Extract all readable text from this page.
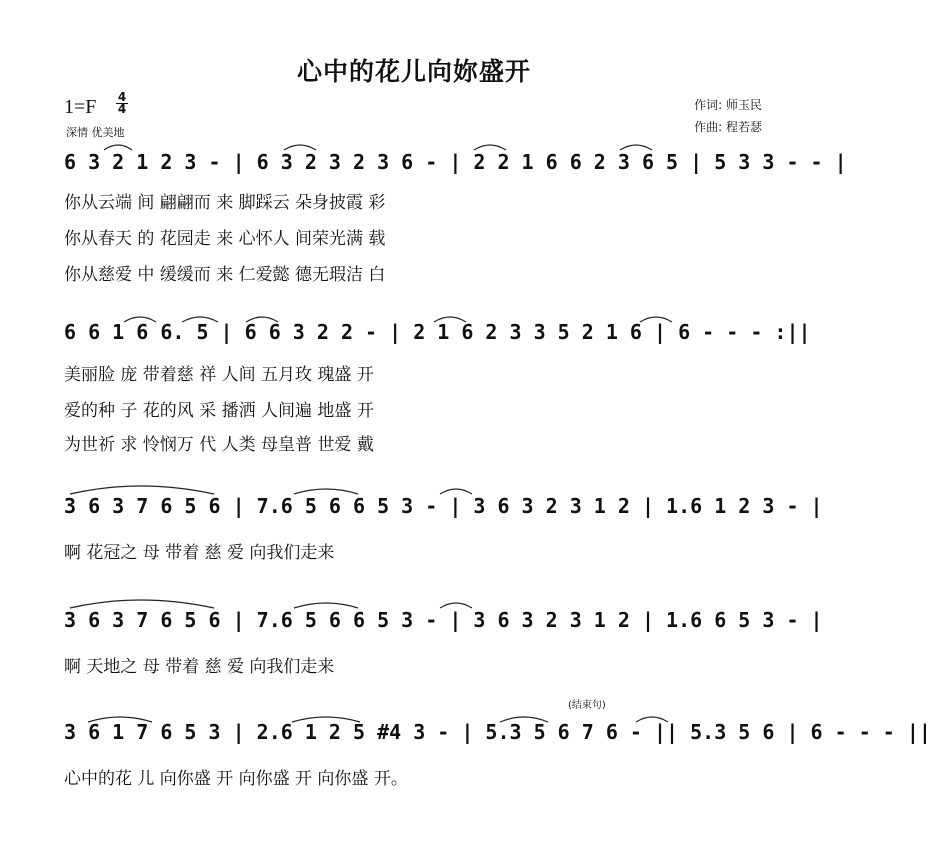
心中的花儿向妳盛开
$1=F \frac{4}{4}$
深情 优美地
作词: 师玉民
作曲: 程若瑟
6 3 2 1 2 3 - | 6 3 2 3 2 3 6 - | 2 2 1 6 6 2 3 6 5 | 5 3 3 - - |
你从云端 间 翩翩而 来 脚踩云 朵身披霞 彩
你从春天 的 花园走 来 心怀人 间荣光满 载
你从慈爱 中 缓缓而 来 仁爱懿 德无瑕洁 白
6 6 1 6 6. 5 | 6 6 3 2 2 - | 2 1 6 2 3 3 5 2 1 6 | 6 - - - :||
美丽脸 庞 带着慈 祥 人间 五月玫 瑰盛 开
爱的种 子 花的风 采 播洒 人间遍 地盛 开
为世祈 求 怜悯万 代 人类 母皇普 世爱 戴
3 6 3 7 6 5 6 | 7.6 5 6 6 5 3 - | 3 6 3 2 3 1 2 | 1.6 1 2 3 - |
啊 花冠之 母 带着 慈 爱 向我们走来
3 6 3 7 6 5 6 | 7.6 5 6 6 5 3 - | 3 6 3 2 3 1 2 | 1.6 6 5 3 - |
啊 天地之 母 带着 慈 爱 向我们走来
(结束句)
3 6 1 7 6 5 3 | 2.6 1 2 5 #4 3 - | 5.3 5 6 7 6 - || 5.3 5 6 | 6 - - - ||
心中的花 儿 向你盛 开 向你盛 开 向你盛 开。
